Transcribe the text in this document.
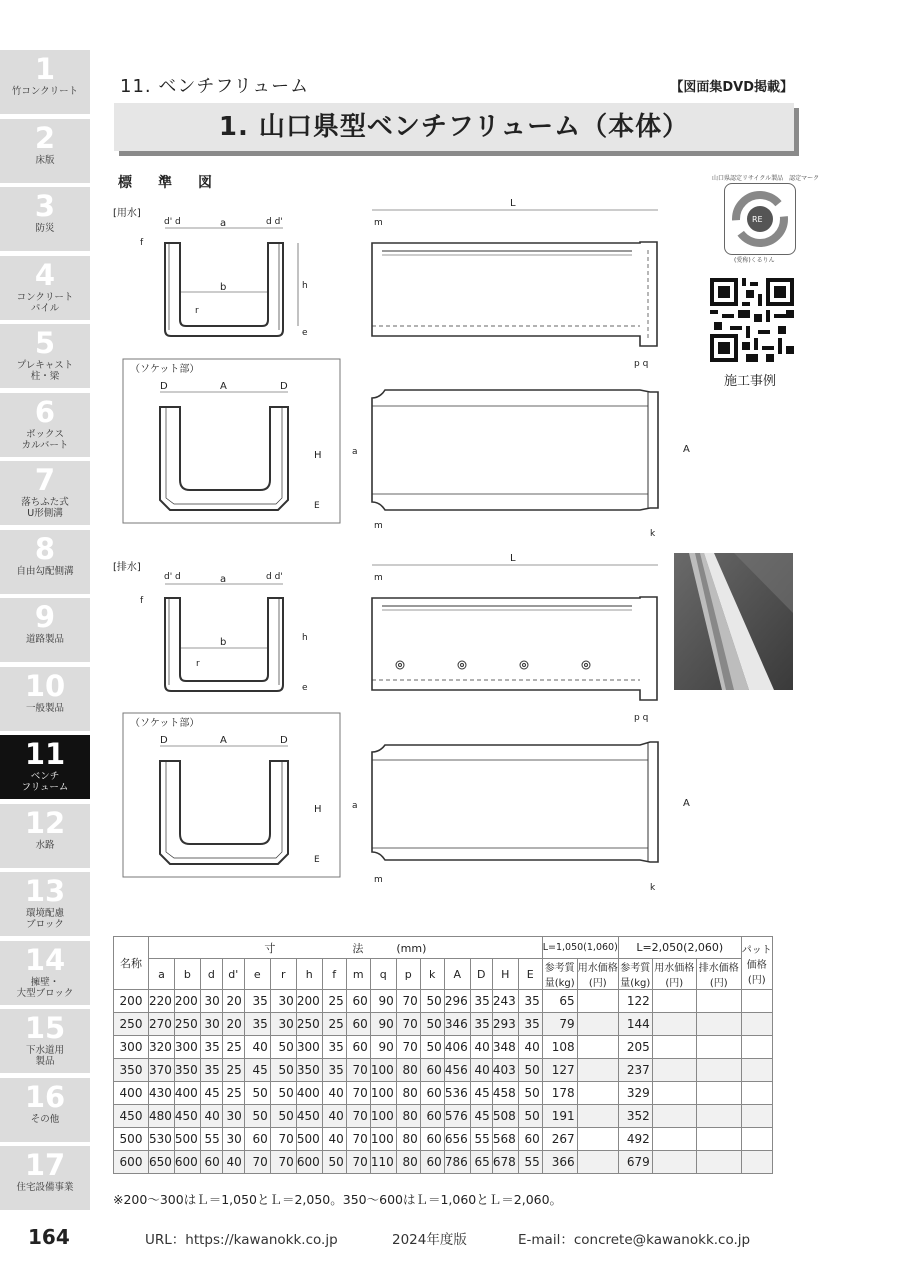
1
竹コンクリート
2
床版
3
防災
4
コンクリート
パイル
5
プレキャスト
柱・梁
6
ボックス
カルバート
7
落ちふた式
U形側溝
8
自由勾配側溝
9
道路製品
10
一般製品
11
ベンチ
フリューム
12
水路
13
環境配慮
ブロック
14
擁壁・
大型ブロック
15
下水道用
製品
16
その他
17
住宅設備事業
11. ベンチフリューム	【図面集DVD掲載】
1. 山口県型ベンチフリューム（本体）
標　準　図
[用水]
[排水]
a
d' d	d d'
b
r
h
e
f
L
m
p q
（ソケット部）
A
D	D
H
E
a	A
m
k
a
d' d	d d'
b
r
h
e
f
L
m
p q
（ソケット部）
A
D	D
H
E
a	A
m
k
山口県認定リサイクル製品　認定マーク
RE
(愛称)くるりん
施工事例
名称	寸　　　　　　　法　　　(mm)																L=1,050(1,060)		L=2,050(2,060)			パット価格(円)
																	参考質量(kg)	用水価格(円)	参考質量(kg)	用水価格(円)	排水価格(円)	
	a	b	d	d'	e	r	h	f	m	q	p	k	A	D	H	E						
200	220	200	30	20	35	30	200	25	60	90	70	50	296	35	243	35	65		122			
250	270	250	30	20	35	30	250	25	60	90	70	50	346	35	293	35	79		144			
300	320	300	35	25	40	50	300	35	60	90	70	50	406	40	348	40	108		205			
350	370	350	35	25	45	50	350	35	70	100	80	60	456	40	403	50	127		237			
400	430	400	45	25	50	50	400	40	70	100	80	60	536	45	458	50	178		329			
450	480	450	40	30	50	50	450	40	70	100	80	60	576	45	508	50	191		352			
500	530	500	55	30	60	70	500	40	70	100	80	60	656	55	568	60	267		492			
600	650	600	60	40	70	70	600	50	70	110	80	60	786	65	678	55	366		679			
※200〜300はＬ＝1,050とＬ＝2,050。350〜600はＬ＝1,060とＬ＝2,060。
164	URL：https://kawanokk.co.jp	2024年度版	E-mail：concrete@kawanokk.co.jp
